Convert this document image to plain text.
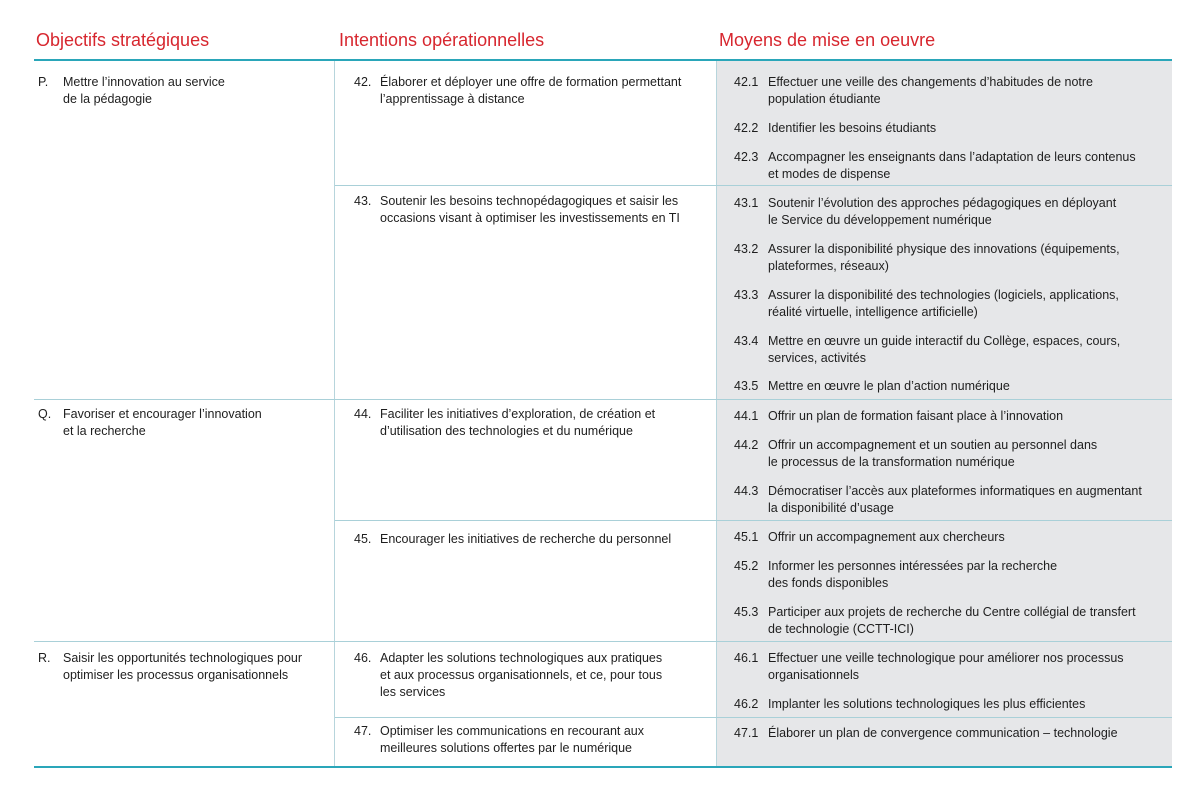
Objectifs stratégiques	Intentions opérationnelles	Moyens de mise en oeuvre
P. Mettre l’innovation au service
de la pédagogie
Q. Favoriser et encourager l’innovation
et la recherche
R. Saisir les opportunités technologiques pour
optimiser les processus organisationnels
42. Élaborer et déployer une offre de formation permettant
l’apprentissage à distance
43. Soutenir les besoins technopédagogiques et saisir les
occasions visant à optimiser les investissements en TI
44. Faciliter les initiatives d’exploration, de création et
d’utilisation des technologies et du numérique
45. Encourager les initiatives de recherche du personnel
46. Adapter les solutions technologiques aux pratiques
et aux processus organisationnels, et ce, pour tous
les services
47. Optimiser les communications en recourant aux
meilleures solutions offertes par le numérique
42.1 Effectuer une veille des changements d’habitudes de notre
population étudiante
42.2 Identifier les besoins étudiants
42.3 Accompagner les enseignants dans l’adaptation de leurs contenus
et modes de dispense
43.1 Soutenir l’évolution des approches pédagogiques en déployant
le Service du développement numérique
43.2 Assurer la disponibilité physique des innovations (équipements,
plateformes, réseaux)
43.3 Assurer la disponibilité des technologies (logiciels, applications,
réalité virtuelle, intelligence artificielle)
43.4 Mettre en œuvre un guide interactif du Collège, espaces, cours,
services, activités
43.5 Mettre en œuvre le plan d’action numérique
44.1 Offrir un plan de formation faisant place à l’innovation
44.2 Offrir un accompagnement et un soutien au personnel dans
le processus de la transformation numérique
44.3 Démocratiser l’accès aux plateformes informatiques en augmentant
la disponibilité d’usage
45.1 Offrir un accompagnement aux chercheurs
45.2 Informer les personnes intéressées par la recherche
des fonds disponibles
45.3 Participer aux projets de recherche du Centre collégial de transfert
de technologie (CCTT-ICI)
46.1 Effectuer une veille technologique pour améliorer nos processus
organisationnels
46.2 Implanter les solutions technologiques les plus efficientes
47.1 Élaborer un plan de convergence communication – technologie
